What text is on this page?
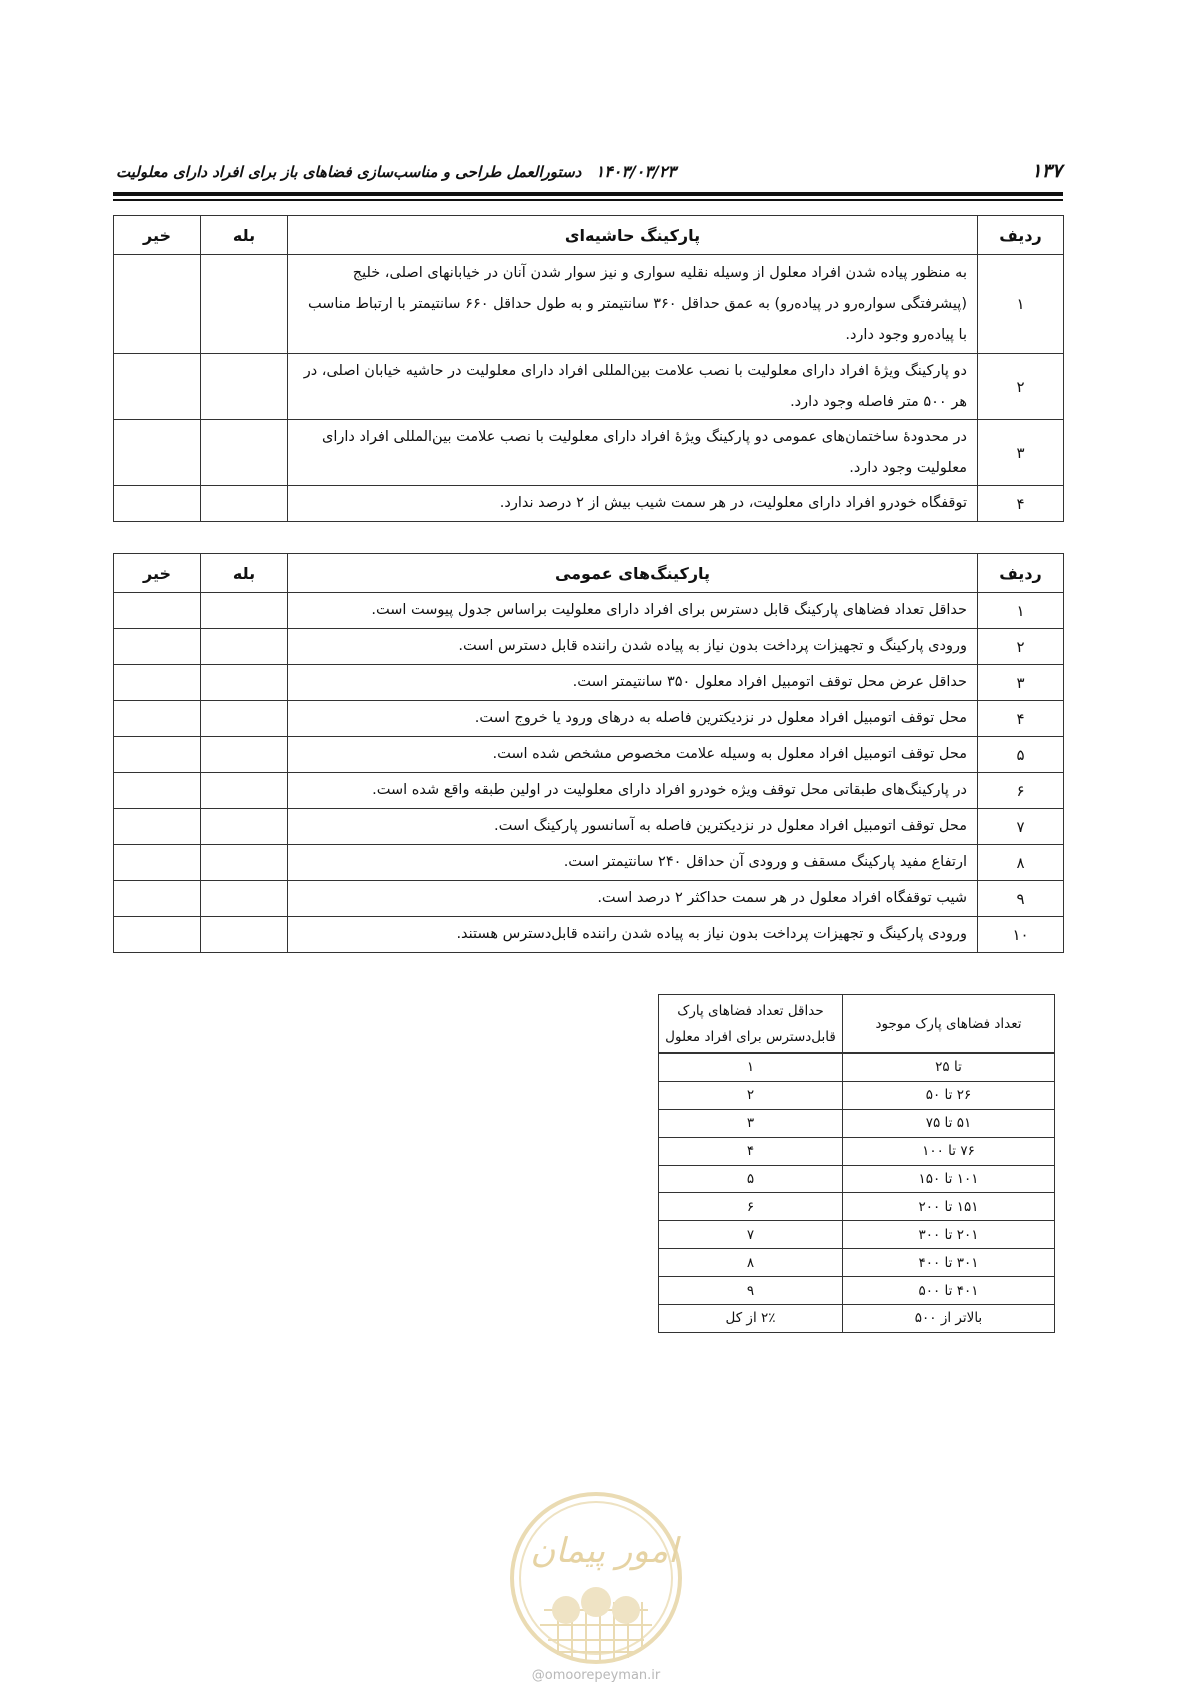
۱۳۷
۱۴۰۳/۰۳/۲۳
دستورالعمل طراحی و مناسب‌سازی فضاهای باز برای افراد دارای معلولیت
ردیف	پارکینگ حاشیه‌ای	بله	خیر
۱	به منظور پیاده شدن افراد معلول از وسیله نقلیه سواری و نیز سوار شدن آنان در خیابانهای اصلی، خلیج (پیشرفتگی سواره‌رو در پیاده‌رو) به عمق حداقل ۳۶۰ سانتیمتر و به طول حداقل ۶۶۰ سانتیمتر با ارتباط مناسب با پیاده‌رو وجود دارد.		
۲	دو پارکینگ ویژۀ افراد دارای معلولیت با نصب علامت بین‌المللی افراد دارای معلولیت در حاشیه خیابان اصلی، در هر ۵۰۰ متر فاصله وجود دارد.		
۳	در محدودۀ ساختمان‌های عمومی دو پارکینگ ویژۀ افراد دارای معلولیت با نصب علامت بین‌المللی افراد دارای معلولیت وجود دارد.		
۴	توقفگاه خودرو افراد دارای معلولیت، در هر سمت شیب بیش از ۲ درصد ندارد.		
ردیف	پارکینگ‌های عمومی	بله	خیر
۱	حداقل تعداد فضاهای پارکینگ قابل دسترس برای افراد دارای معلولیت براساس جدول پیوست است.		
۲	ورودی پارکینگ و تجهیزات پرداخت بدون نیاز به پیاده شدن راننده قابل دسترس است.		
۳	حداقل عرض محل توقف اتومبیل افراد معلول ۳۵۰ سانتیمتر است.		
۴	محل توقف اتومبیل افراد معلول در نزدیکترین فاصله به درهای ورود یا خروج است.		
۵	محل توقف اتومبیل افراد معلول به وسیله علامت مخصوص مشخص شده است.		
۶	در پارکینگ‌های طبقاتی محل توقف ویژه خودرو افراد دارای معلولیت در اولین طبقه واقع شده است.		
۷	محل توقف اتومبیل افراد معلول در نزدیکترین فاصله به آسانسور پارکینگ است.		
۸	ارتفاع مفید پارکینگ مسقف و ورودی آن حداقل ۲۴۰ سانتیمتر است.		
۹	شیب توقفگاه افراد معلول در هر سمت حداکثر ۲ درصد است.		
۱۰	ورودی پارکینگ و تجهیزات پرداخت بدون نیاز به پیاده شدن راننده قابل‌دسترس هستند.		
تعداد فضاهای پارک موجود	حداقل تعداد فضاهای پارک
قابل‌دسترس برای افراد معلول

تا ۲۵	۱
۲۶ تا ۵۰	۲
۵۱ تا ۷۵	۳
۷۶ تا ۱۰۰	۴
۱۰۱ تا ۱۵۰	۵
۱۵۱ تا ۲۰۰	۶
۲۰۱ تا ۳۰۰	۷
۳۰۱ تا ۴۰۰	۸
۴۰۱ تا ۵۰۰	۹
بالاتر از ۵۰۰	۲٪ از کل
امور پیمان
@omoorepeyman.ir
